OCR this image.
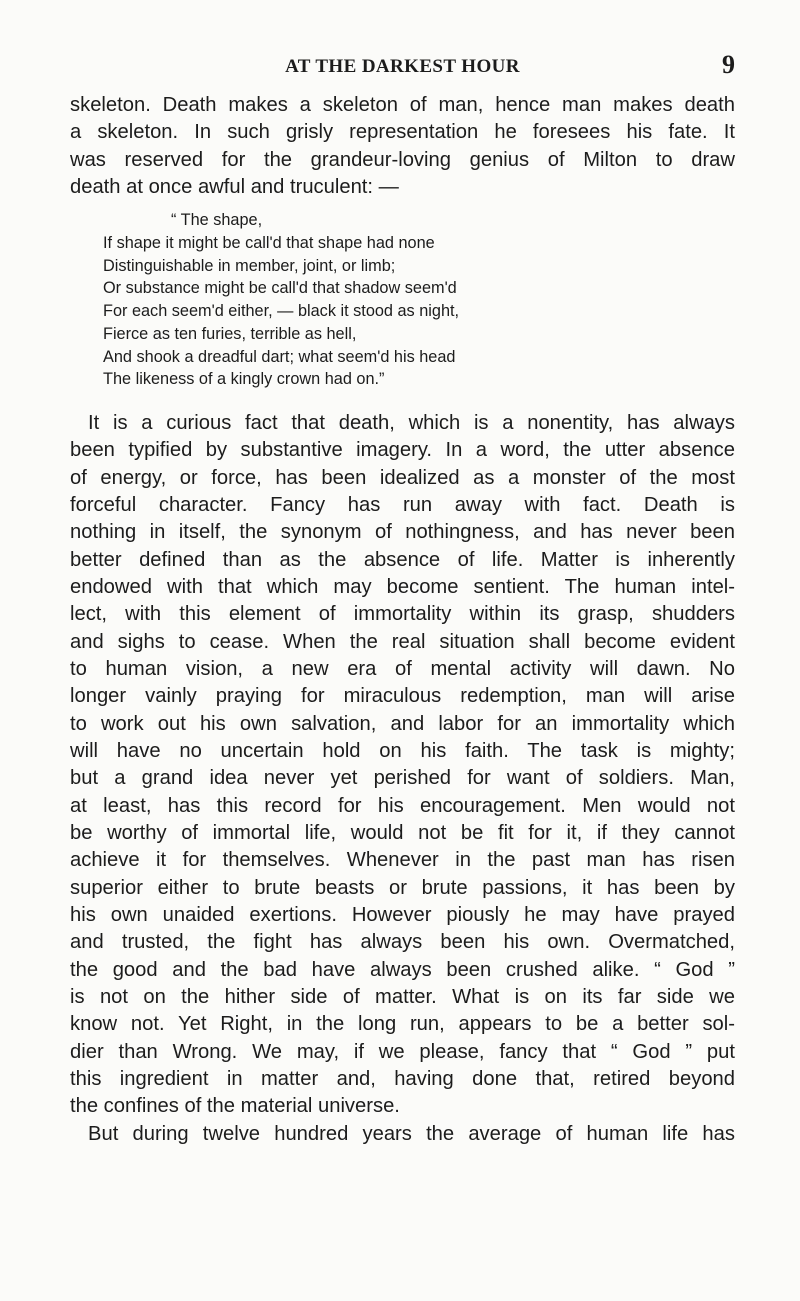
AT THE DARKEST HOUR	9
skeleton. Death makes a skeleton of man, hence man makes death
a skeleton. In such grisly representation he foresees his fate. It
was reserved for the grandeur-loving genius of Milton to draw
death at once awful and truculent: —
“ The shape,
If shape it might be call'd that shape had none
Distinguishable in member, joint, or limb;
Or substance might be call'd that shadow seem'd
For each seem'd either, — black it stood as night,
Fierce as ten furies, terrible as hell,
And shook a dreadful dart; what seem'd his head
The likeness of a kingly crown had on.”
It is a curious fact that death, which is a nonentity, has always
been typified by substantive imagery. In a word, the utter absence
of energy, or force, has been idealized as a monster of the most
forceful character. Fancy has run away with fact. Death is
nothing in itself, the synonym of nothingness, and has never been
better defined than as the absence of life. Matter is inherently
endowed with that which may become sentient. The human intel-
lect, with this element of immortality within its grasp, shudders
and sighs to cease. When the real situation shall become evident
to human vision, a new era of mental activity will dawn. No
longer vainly praying for miraculous redemption, man will arise
to work out his own salvation, and labor for an immortality which
will have no uncertain hold on his faith. The task is mighty;
but a grand idea never yet perished for want of soldiers. Man,
at least, has this record for his encouragement. Men would not
be worthy of immortal life, would not be fit for it, if they cannot
achieve it for themselves. Whenever in the past man has risen
superior either to brute beasts or brute passions, it has been by
his own unaided exertions. However piously he may have prayed
and trusted, the fight has always been his own. Overmatched,
the good and the bad have always been crushed alike. “ God ”
is not on the hither side of matter. What is on its far side we
know not. Yet Right, in the long run, appears to be a better sol-
dier than Wrong. We may, if we please, fancy that “ God ” put
this ingredient in matter and, having done that, retired beyond
the confines of the material universe.
But during twelve hundred years the average of human life has
